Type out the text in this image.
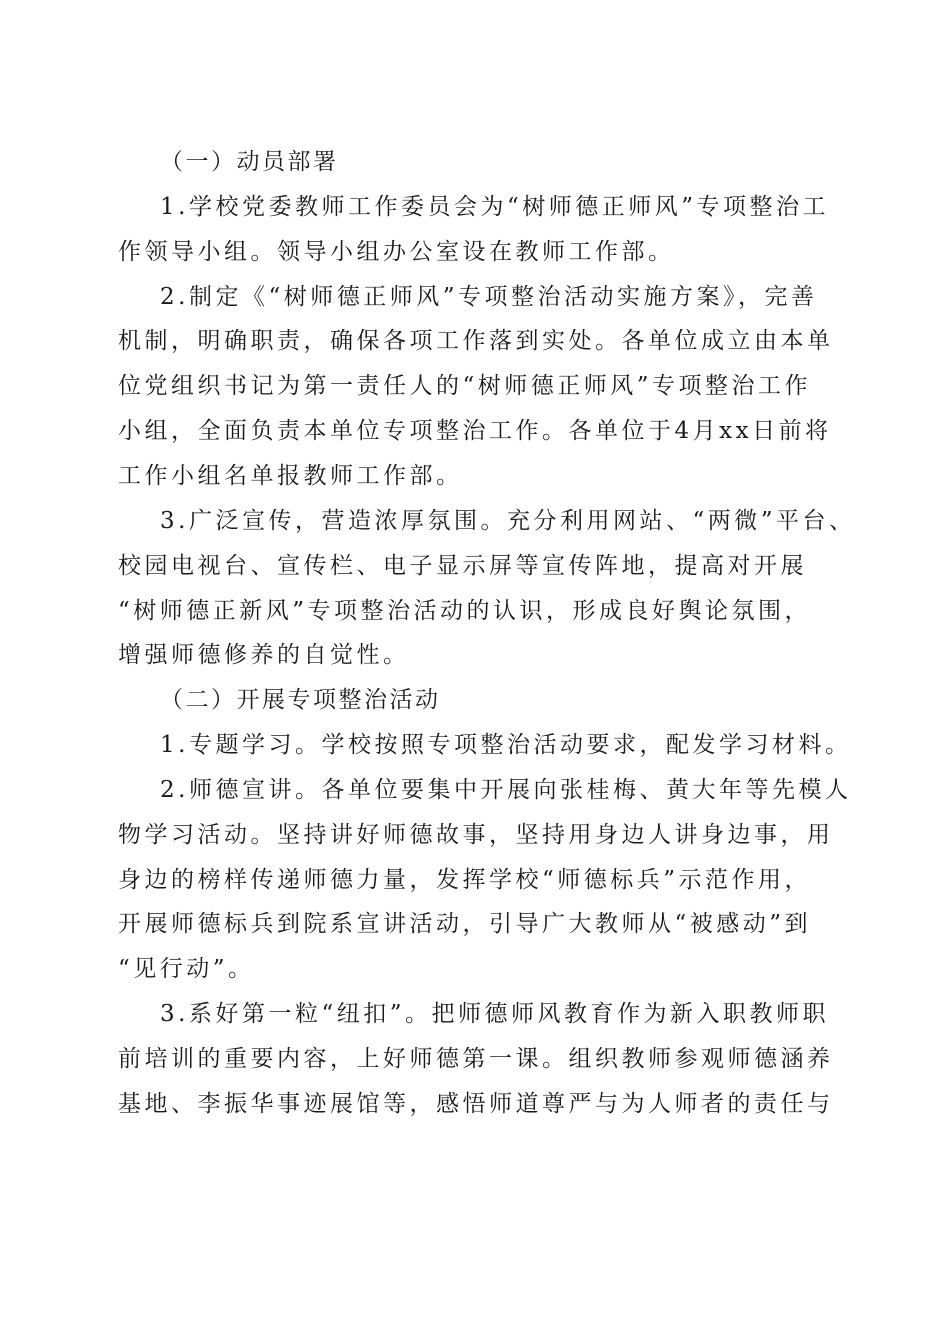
（一）动员部署
1.学校党委教师工作委员会为“树师德正师风”专项整治工
作领导小组。领导小组办公室设在教师工作部。
2.制定《“树师德正师风”专项整治活动实施方案》，完善
机制，明确职责，确保各项工作落到实处。各单位成立由本单
位党组织书记为第一责任人的“树师德正师风”专项整治工作
小组，全面负责本单位专项整治工作。各单位于4月xx日前将
工作小组名单报教师工作部。
3.广泛宣传，营造浓厚氛围。充分利用网站、“两微”平台、
校园电视台、宣传栏、电子显示屏等宣传阵地，提高对开展
“树师德正新风”专项整治活动的认识，形成良好舆论氛围，
增强师德修养的自觉性。
（二）开展专项整治活动
1.专题学习。学校按照专项整治活动要求，配发学习材料。
2.师德宣讲。各单位要集中开展向张桂梅、黄大年等先模人
物学习活动。坚持讲好师德故事，坚持用身边人讲身边事，用
身边的榜样传递师德力量，发挥学校“师德标兵”示范作用，
开展师德标兵到院系宣讲活动，引导广大教师从“被感动”到
“见行动”。
3.系好第一粒“纽扣”。把师德师风教育作为新入职教师职
前培训的重要内容，上好师德第一课。组织教师参观师德涵养
基地、李振华事迹展馆等，感悟师道尊严与为人师者的责任与
